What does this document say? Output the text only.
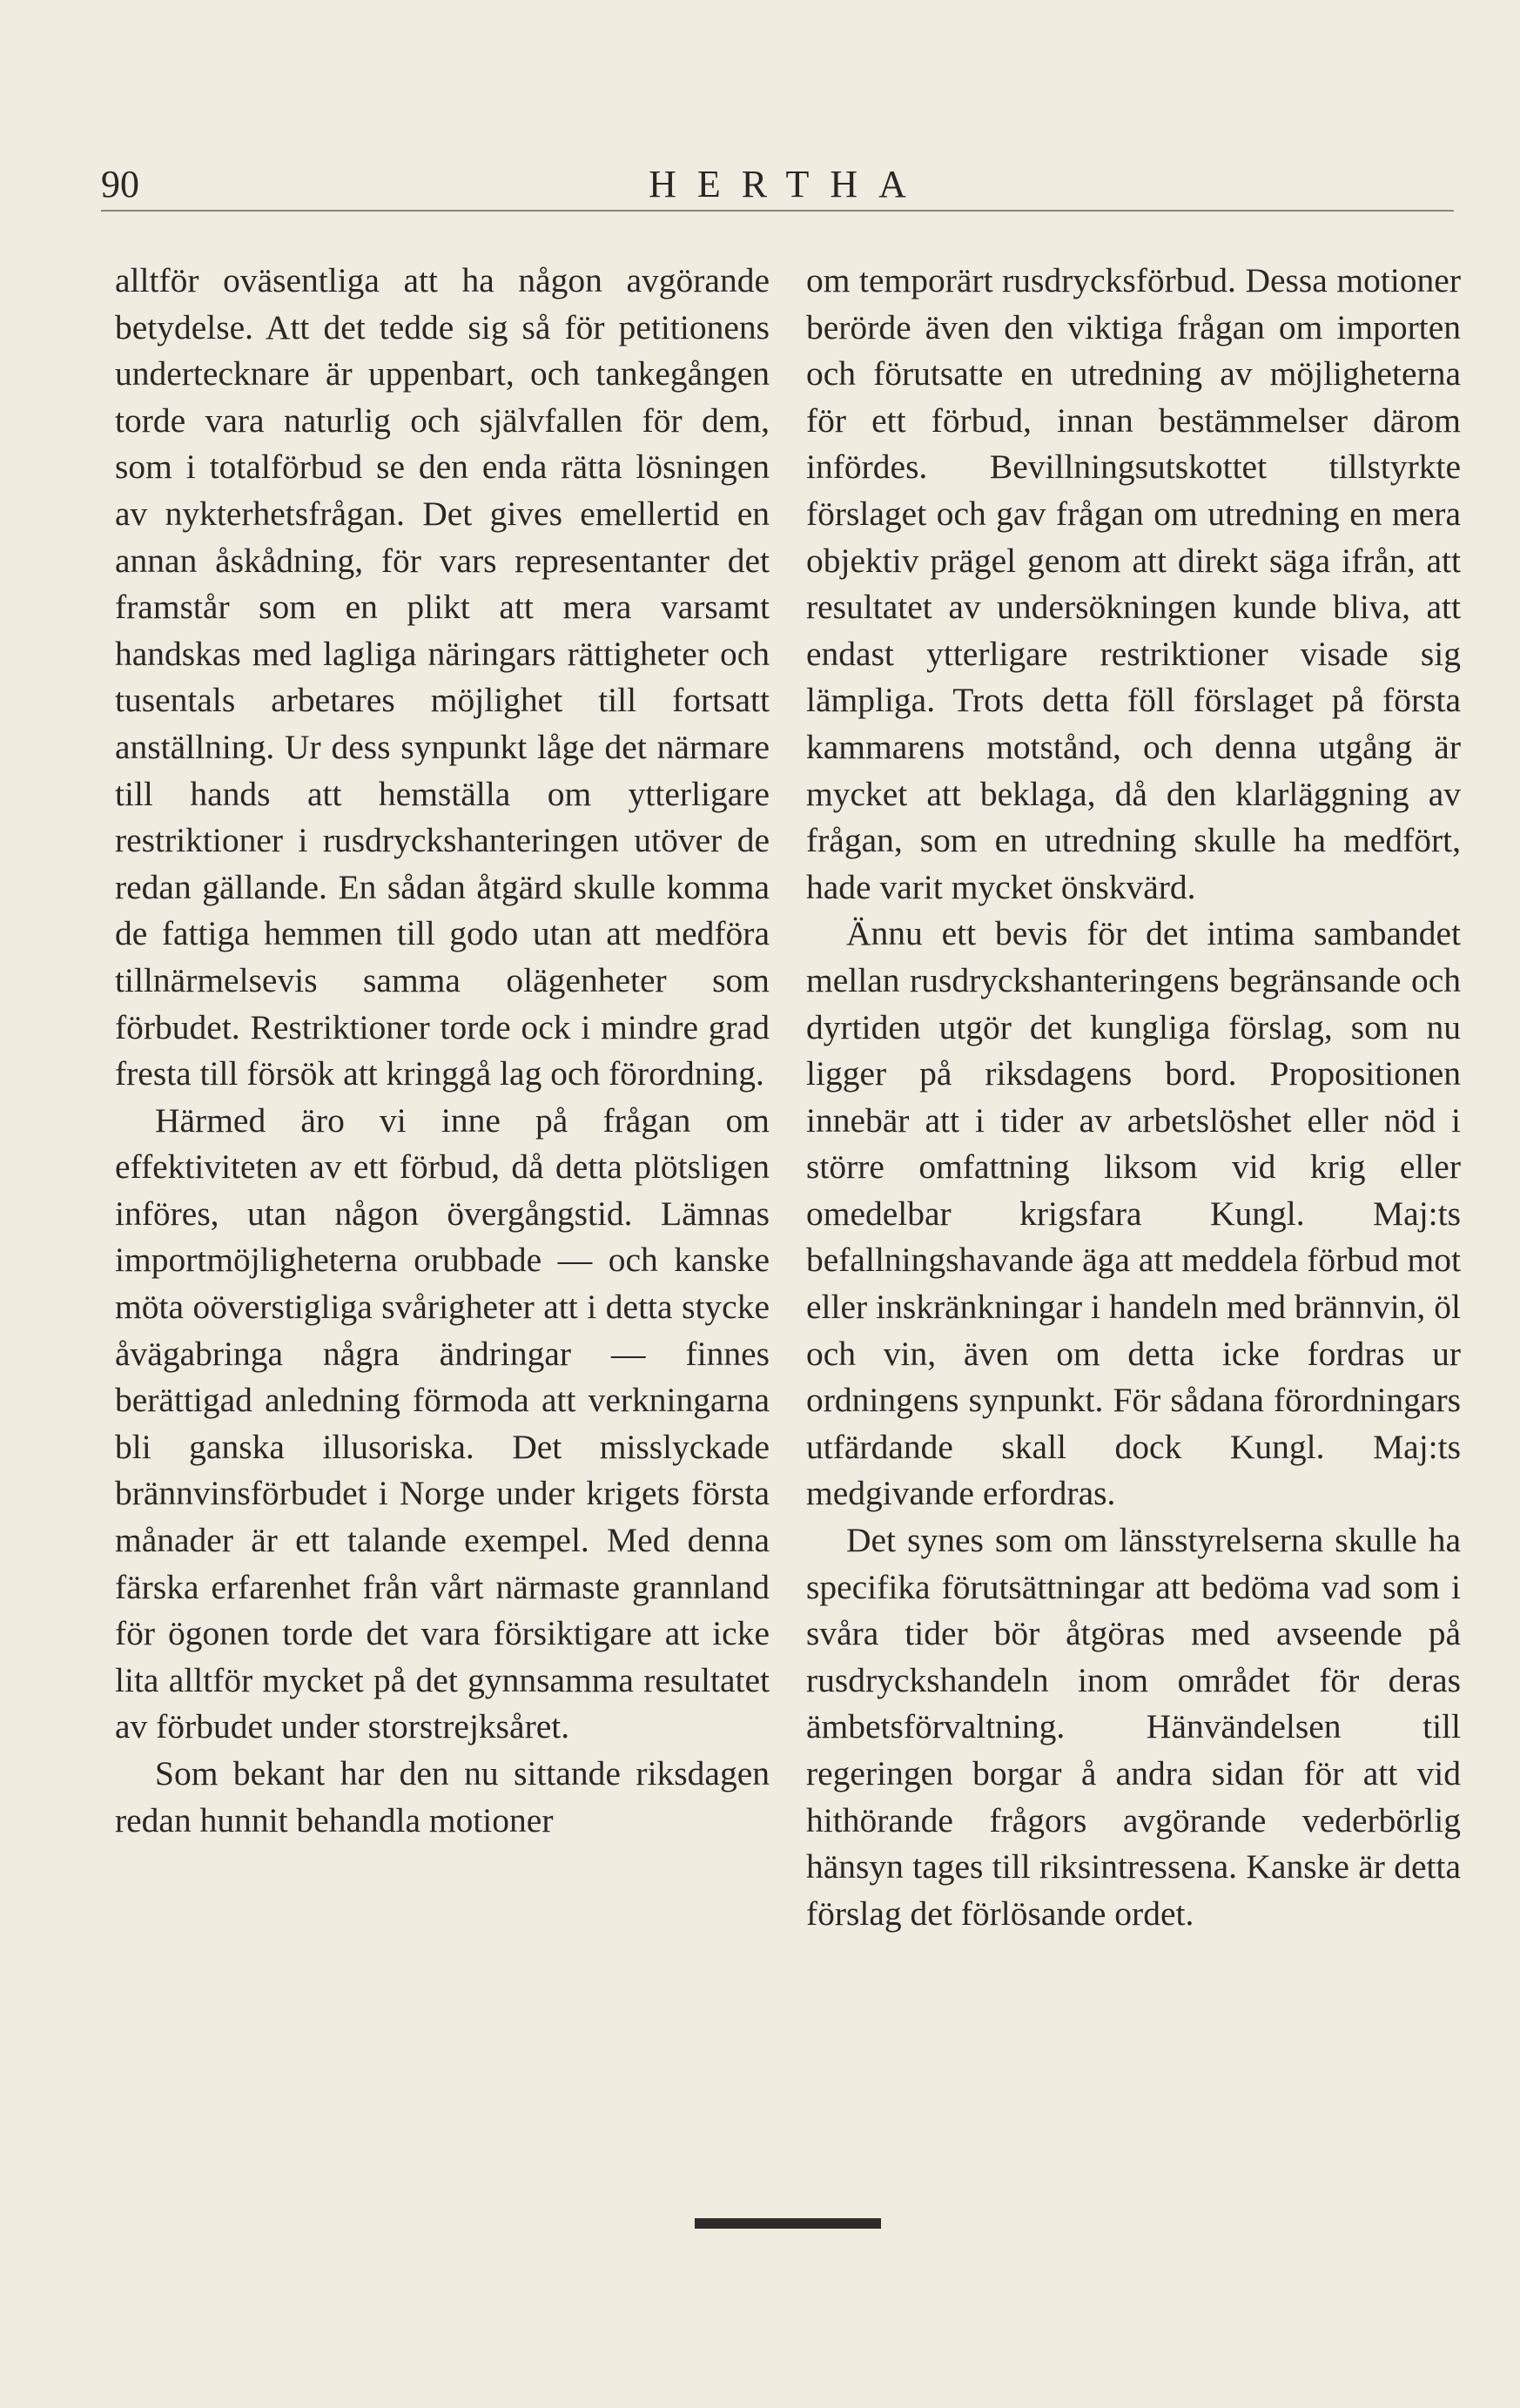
90	HERTHA

alltför oväsentliga att ha någon avgörande betydelse. Att det tedde sig så för petitionens undertecknare är uppenbart, och tankegången torde vara naturlig och självfallen för dem, som i totalförbud se den enda rätta lösningen av nykterhetsfrågan. Det gives emellertid en annan åskådning, för vars representanter det framstår som en plikt att mera varsamt handskas med lagliga näringars rättigheter och tusentals arbetares möjlighet till fortsatt anställning. Ur dess synpunkt låge det närmare till hands att hemställa om ytterligare restriktioner i rusdryckshanteringen utöver de redan gällande. En sådan åtgärd skulle komma de fattiga hemmen till godo utan att medföra tillnärmelsevis samma olägenheter som förbudet. Restriktioner torde ock i mindre grad fresta till försök att kringgå lag och förordning.

Härmed äro vi inne på frågan om effektiviteten av ett förbud, då detta plötsligen införes, utan någon övergångstid. Lämnas importmöjligheterna orubbade — och kanske möta oöverstigliga svårigheter att i detta stycke åvägabringa några ändringar — finnes berättigad anledning förmoda att verkningarna bli ganska illusoriska. Det misslyckade brännvinsförbudet i Norge under krigets första månader är ett talande exempel. Med denna färska erfarenhet från vårt närmaste grannland för ögonen torde det vara försiktigare att icke lita alltför mycket på det gynnsamma resultatet av förbudet under storstrejksåret.

Som bekant har den nu sittande riksdagen redan hunnit behandla motioner

om temporärt rusdrycksförbud. Dessa motioner berörde även den viktiga frågan om importen och förutsatte en utredning av möjligheterna för ett förbud, innan bestämmelser därom infördes. Bevillningsutskottet tillstyrkte förslaget och gav frågan om utredning en mera objektiv prägel genom att direkt säga ifrån, att resultatet av undersökningen kunde bliva, att endast ytterligare restriktioner visade sig lämpliga. Trots detta föll förslaget på första kammarens motstånd, och denna utgång är mycket att beklaga, då den klarläggning av frågan, som en utredning skulle ha medfört, hade varit mycket önskvärd.

Ännu ett bevis för det intima sambandet mellan rusdryckshanteringens begränsande och dyrtiden utgör det kungliga förslag, som nu ligger på riksdagens bord. Propositionen innebär att i tider av arbetslöshet eller nöd i större omfattning liksom vid krig eller omedelbar krigsfara Kungl. Maj:ts befallningshavande äga att meddela förbud mot eller inskränkningar i handeln med brännvin, öl och vin, även om detta icke fordras ur ordningens synpunkt. För sådana förordningars utfärdande skall dock Kungl. Maj:ts medgivande erfordras.

Det synes som om länsstyrelserna skulle ha specifika förutsättningar att bedöma vad som i svåra tider bör åtgöras med avseende på rusdryckshandeln inom området för deras ämbetsförvaltning. Hänvändelsen till regeringen borgar å andra sidan för att vid hithörande frågors avgörande vederbörlig hänsyn tages till riksintressena. Kanske är detta förslag det förlösande ordet.
